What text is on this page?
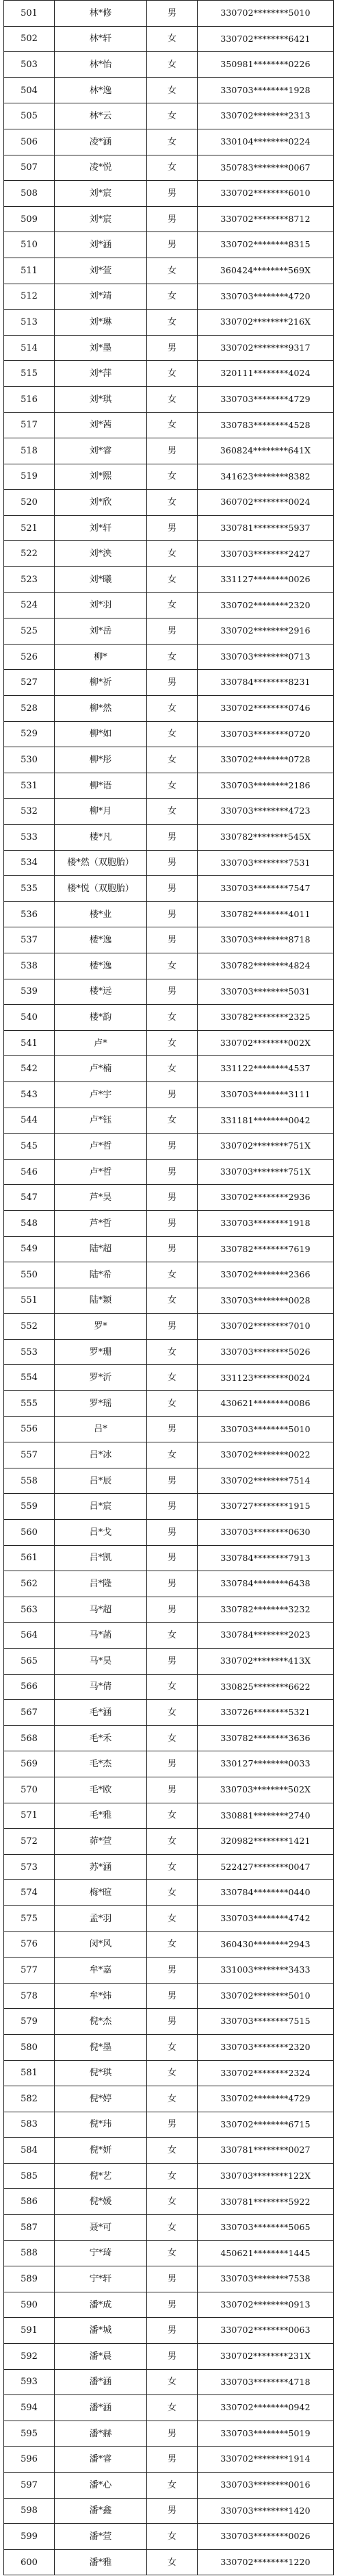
501	林*修	男	330702********5010
502	林*轩	女	330702********6421
503	林*怡	女	350981********0226
504	林*逸	女	330703********1928
505	林*云	女	330702********2313
506	凌*涵	女	330104********0224
507	凌*悦	女	350783********0067
508	刘*宸	男	330702********6010
509	刘*宸	男	330702********8712
510	刘*涵	男	330702********8315
511	刘*萱	女	360424********569X
512	刘*靖	女	330703********4720
513	刘*琳	女	330702********216X
514	刘*墨	男	330702********9317
515	刘*萍	女	320111********4024
516	刘*琪	女	330703********4729
517	刘*茜	女	330783********4528
518	刘*睿	男	360824********641X
519	刘*熙	女	341623********8382
520	刘*欣	女	360702********0024
521	刘*轩	男	330781********5937
522	刘*泱	女	330703********2427
523	刘*曦	女	331127********0026
524	刘*羽	女	330702********2320
525	刘*岳	男	330702********2916
526	柳*	女	330703********0713
527	柳*祈	男	330784********8231
528	柳*然	女	330702********0746
529	柳*如	女	330703********0720
530	柳*彤	女	330702********0728
531	柳*语	女	330703********2186
532	柳*月	女	330703********4723
533	楼*凡	男	330782********545X
534	楼*然（双胞胎）	男	330703********7531
535	楼*悦（双胞胎）	男	330703********7547
536	楼*业	男	330782********4011
537	楼*逸	男	330703********8718
538	楼*逸	女	330782********4824
539	楼*远	男	330703********5031
540	楼*韵	女	330782********2325
541	卢*	女	330702********002X
542	卢*楠	女	331122********4537
543	卢*宇	男	330703********3111
544	卢*钰	女	331181********0042
545	卢*哲	男	330702********751X
546	卢*哲	男	330703********751X
547	芦*昊	男	330702********2936
548	芦*哲	男	330703********1918
549	陆*超	男	330782********7619
550	陆*希	女	330702********2366
551	陆*颖	女	330703********0028
552	罗*	男	330702********7010
553	罗*珊	女	330703********5026
554	罗*沂	女	331123********0024
555	罗*瑶	女	430621********0086
556	吕*	男	330703********5010
557	吕*冰	女	330702********0022
558	吕*辰	男	330702********7514
559	吕*宸	男	330727********1915
560	吕*戈	男	330703********0630
561	吕*凯	男	330784********7913
562	吕*隆	男	330784********6438
563	马*超	男	330782********3232
564	马*菡	女	330784********2023
565	马*昊	男	330702********413X
566	马*倩	女	330825********6622
567	毛*涵	女	330726********5321
568	毛*禾	女	330782********3636
569	毛*杰	男	330127********0033
570	毛*欧	男	330703********502X
571	毛*雅	女	330881********2740
572	茆*萱	女	320982********1421
573	苏*涵	女	522427********0047
574	梅*暄	女	330784********0440
575	孟*羽	女	330703********4742
576	闵*风	女	360430********2943
577	牟*嘉	男	331003********3433
578	牟*炜	男	330702********5010
579	倪*杰	男	330703********7515
580	倪*墨	女	330703********2320
581	倪*琪	女	330702********2324
582	倪*婷	女	330702********4729
583	倪*玮	男	330702********6715
584	倪*妍	女	330781********0027
585	倪*艺	女	330703********122X
586	倪*媛	女	330781********5922
587	聂*可	女	330703********5065
588	宁*琦	女	450621********1445
589	宁*轩	男	330703********7538
590	潘*成	男	330702********0913
591	潘*城	男	330702********0063
592	潘*晨	男	330702********231X
593	潘*涵	女	330703********4718
594	潘*涵	女	330702********0942
595	潘*赫	男	330703********5019
596	潘*睿	男	330702********1914
597	潘*心	女	330703********0016
598	潘*鑫	男	330703********1420
599	潘*萱	女	330703********0026
600	潘*雅	女	330702********1220
